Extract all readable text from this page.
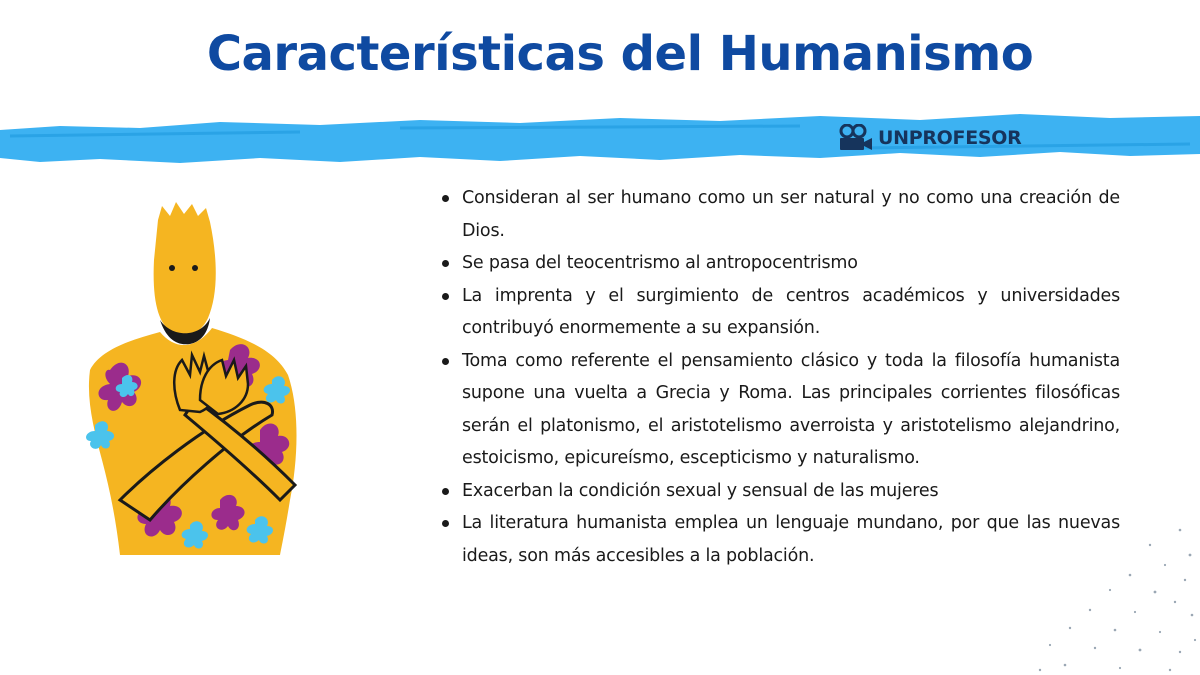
Características del Humanismo
UNPROFESOR
Consideran al ser humano como un ser natural y no como una creación de Dios.
Se pasa del teocentrismo al antropocentrismo
La imprenta y el surgimiento de centros académicos y universidades contribuyó enormemente a su expansión.
Toma como referente el pensamiento clásico y toda la filosofía humanista supone una vuelta a Grecia y Roma. Las principales corrientes filosóficas serán el platonismo, el aristotelismo averroista y aristotelismo alejandrino, estoicismo, epicureísmo, escepticismo y naturalismo.
Exacerban la condición sexual y sensual de las mujeres
La literatura humanista emplea un lenguaje mundano, por que las nuevas ideas, son más accesibles a la población.
